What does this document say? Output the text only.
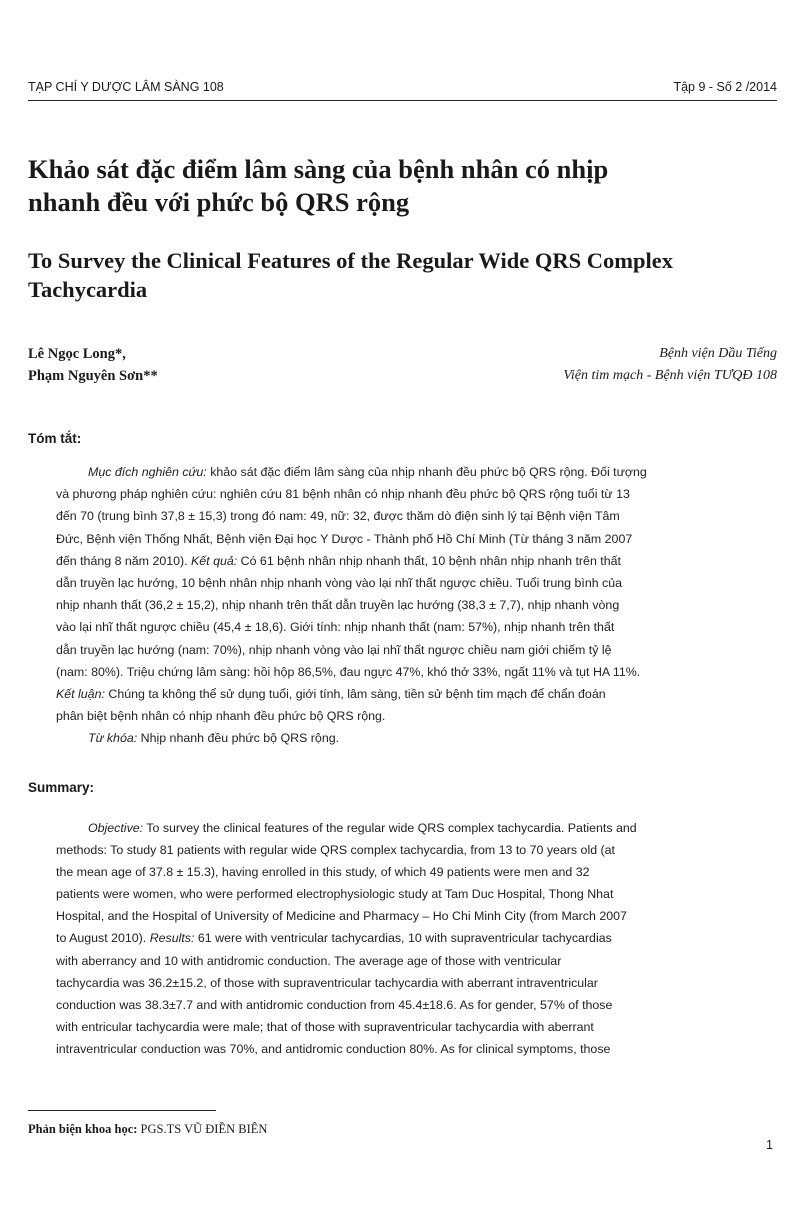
TẠP CHÍ Y DƯỢC LÂM SÀNG 108	Tập 9 - Số 2 /2014
Khảo sát đặc điểm lâm sàng của bệnh nhân có nhịp
nhanh đều với phức bộ QRS rộng
To Survey the Clinical Features of the Regular Wide QRS Complex
Tachycardia
Lê Ngọc Long*,
Phạm Nguyên Sơn**
Bệnh viện Dầu Tiếng
Viện tim mạch - Bệnh viện TƯQĐ 108
Tóm tắt:
Mục đích nghiên cứu: khảo sát đặc điểm lâm sàng của nhịp nhanh đều phức bộ QRS rộng. Đối tượng
và phương pháp nghiên cứu: nghiên cứu 81 bệnh nhân có nhịp nhanh đều phức bộ QRS rộng tuổi từ 13
đến 70 (trung bình 37,8 ± 15,3) trong đó nam: 49, nữ: 32, được thăm dò điện sinh lý tại Bệnh viện Tâm
Đức, Bệnh viện Thống Nhất, Bệnh viện Đại học Y Dược - Thành phố Hồ Chí Minh (Từ tháng 3 năm 2007
đến tháng 8 năm 2010). Kết quả: Có 61 bệnh nhân nhịp nhanh thất, 10 bệnh nhân nhịp nhanh trên thất
dẫn truyền lạc hướng, 10 bệnh nhân nhịp nhanh vòng vào lại nhĩ thất ngược chiều. Tuổi trung bình của
nhịp nhanh thất (36,2 ± 15,2), nhịp nhanh trên thất dẫn truyền lạc hướng (38,3 ± 7,7), nhịp nhanh vòng
vào lại nhĩ thất ngược chiều (45,4 ± 18,6). Giới tính: nhịp nhanh thất (nam: 57%), nhịp nhanh trên thất
dẫn truyền lạc hướng (nam: 70%), nhịp nhanh vòng vào lại nhĩ thất ngược chiều nam giới chiếm tỷ lệ
(nam: 80%). Triệu chứng lâm sàng: hồi hộp 86,5%, đau ngực 47%, khó thở 33%, ngất 11% và tụt HA 11%.
Kết luận: Chúng ta không thể sử dụng tuổi, giới tính, lâm sàng, tiền sử bệnh tim mạch để chẩn đoán
phân biệt bệnh nhân có nhịp nhanh đều phức bộ QRS rộng.
Từ khóa: Nhịp nhanh đều phức bộ QRS rộng.
Summary:
Objective: To survey the clinical features of the regular wide QRS complex tachycardia. Patients and
methods: To study 81 patients with regular wide QRS complex tachycardia, from 13 to 70 years old (at
the mean age of 37.8 ± 15.3), having enrolled in this study, of which 49 patients were men and 32
patients were women, who were performed electrophysiologic study at Tam Duc Hospital, Thong Nhat
Hospital, and the Hospital of University of Medicine and Pharmacy – Ho Chi Minh City (from March 2007
to August 2010). Results: 61 were with ventricular tachycardias, 10 with supraventricular tachycardias
with aberrancy and 10 with antidromic conduction. The average age of those with ventricular
tachycardia was 36.2±15.2, of those with supraventricular tachycardia with aberrant intraventricular
conduction was 38.3±7.7 and with antidromic conduction from 45.4±18.6. As for gender, 57% of those
with entricular tachycardia were male; that of those with supraventricular tachycardia with aberrant
intraventricular conduction was 70%, and antidromic conduction 80%. As for clinical symptoms, those
Phản biện khoa học: PGS.TS VŨ ĐIỀN BIÊN
1
